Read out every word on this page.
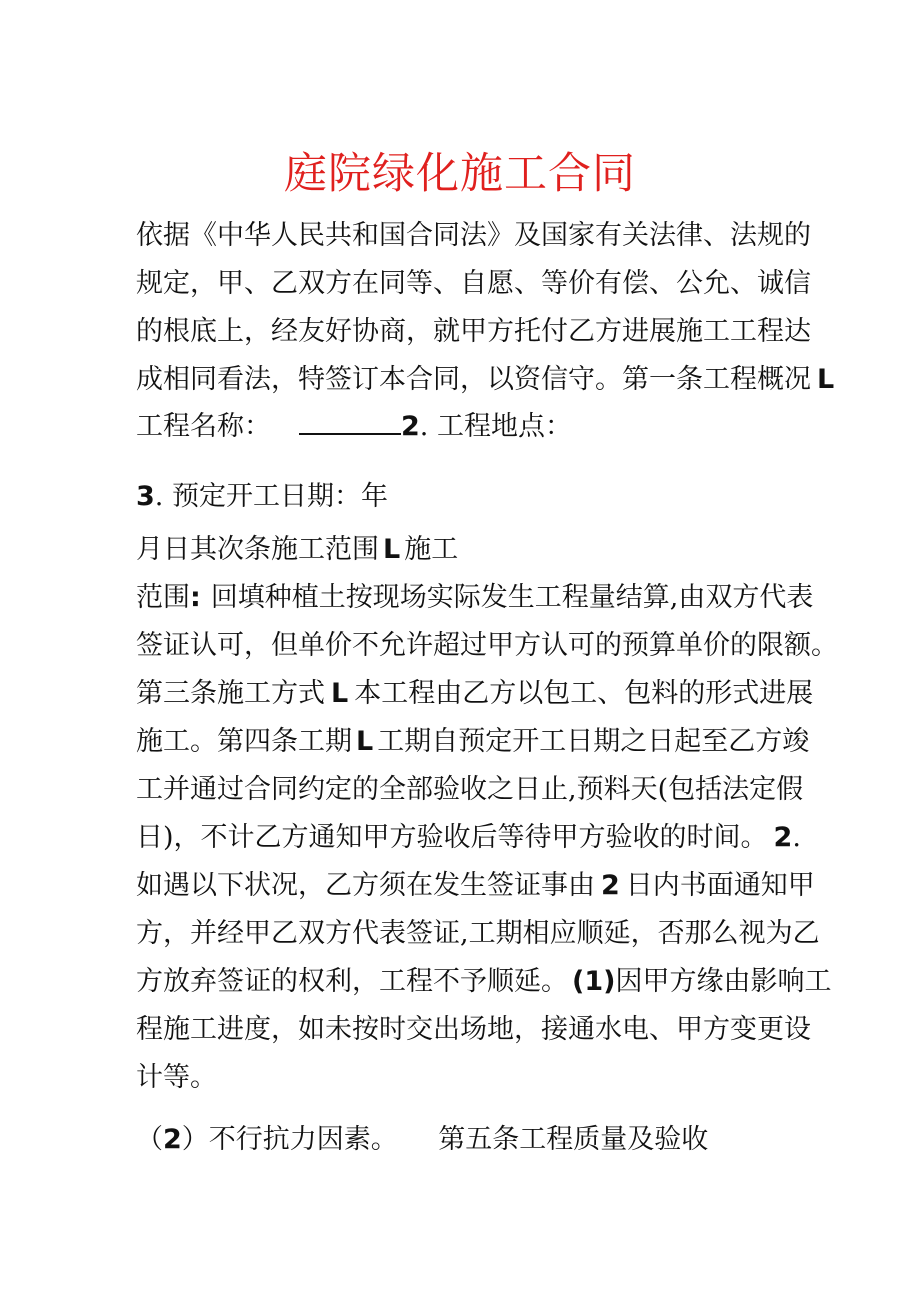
庭院绿化施工合同

依据《中华人民共和国合同法》及国家有关法律、法规的

规定，甲、乙双方在同等、自愿、等价有偿、公允、诚信

的根底上，经友好协商，就甲方托付乙方进展施工工程达

成相同看法，特签订本合同，以资信守。第一条工程概况 L

工程名称：	2. 工程地点：

3. 预定开工日期：年

月日其次条施工范围 L 施工

范围: 回填种植土按现场实际发生工程量结算,由双方代表

签证认可，但单价不允许超过甲方认可的预算单价的限额。

第三条施工方式 L 本工程由乙方以包工、包料的形式进展

施工。第四条工期 L 工期自预定开工日期之日起至乙方竣

工并通过合同约定的全部验收之日止,预料天(包括法定假

日)，不计乙方通知甲方验收后等待甲方验收的时间。 2.

如遇以下状况，乙方须在发生签证事由 2 日内书面通知甲

方，并经甲乙双方代表签证,工期相应顺延，否那么视为乙

方放弃签证的权利，工程不予顺延。 (1)因甲方缘由影响工

程施工进度，如未按时交出场地，接通水电、甲方变更设

计等。

（2）不行抗力因素。　　第五条工程质量及验收
